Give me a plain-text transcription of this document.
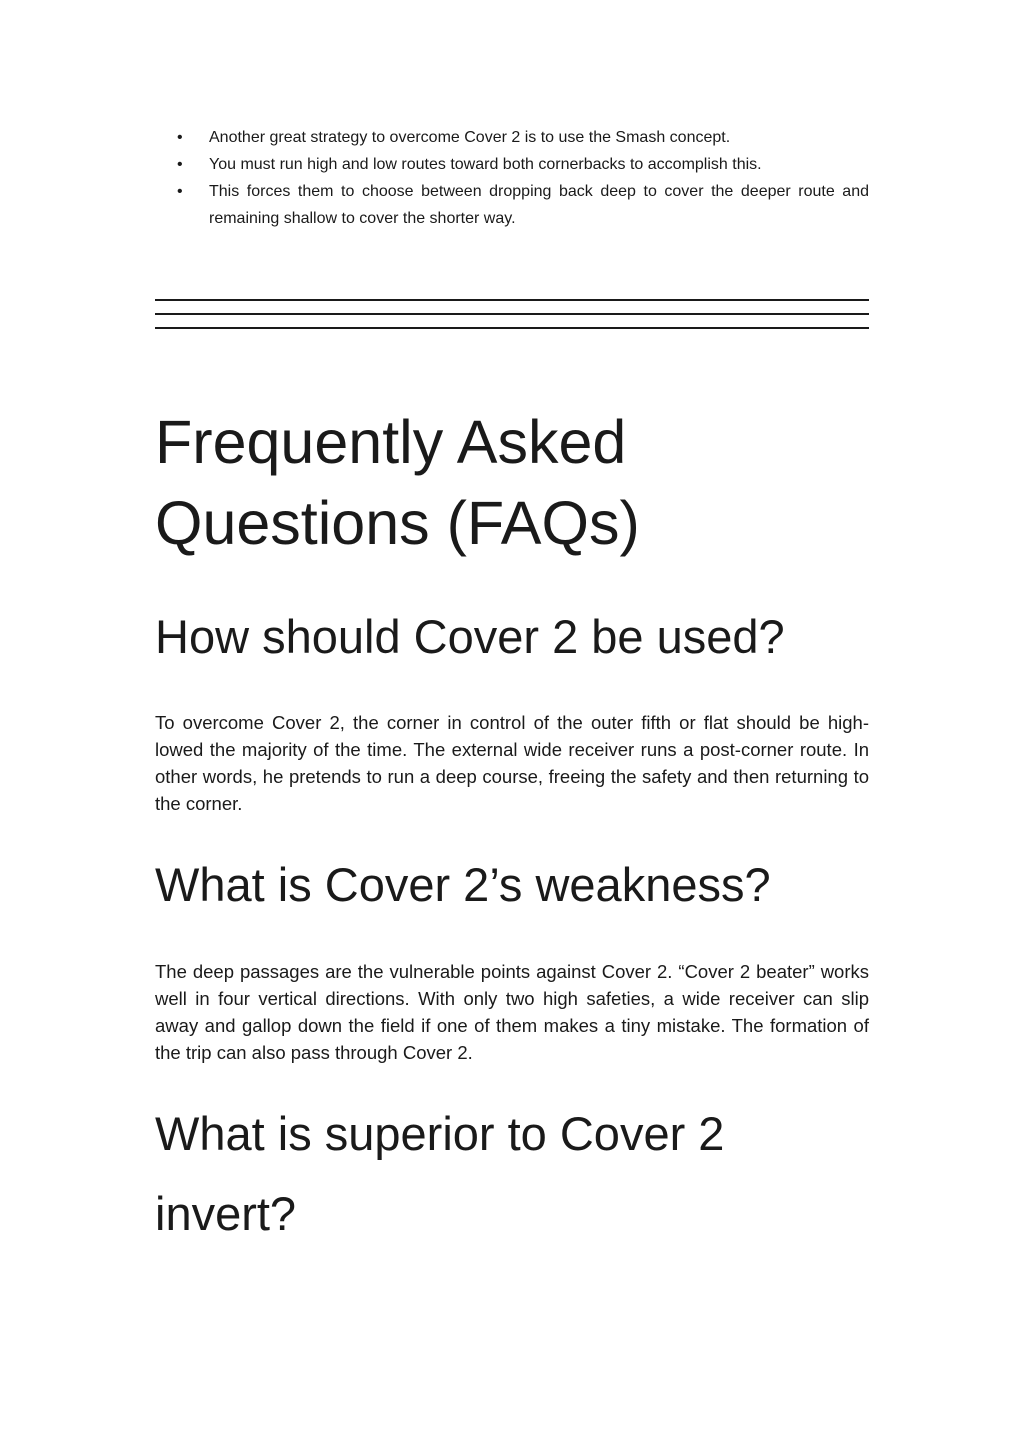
• Another great strategy to overcome Cover 2 is to use the Smash concept.
• You must run high and low routes toward both cornerbacks to accomplish this.
•	This forces them to choose between dropping back deep to cover the deeper route and remaining shallow to cover the shorter way.
Frequently Asked Questions (FAQs)
How should Cover 2 be used?

To overcome Cover 2, the corner in control of the outer fifth or flat should be high-lowed the majority of the time. The external wide receiver runs a post-corner route. In other words, he pretends to run a deep course, freeing the safety and then returning to the corner.

What is Cover 2’s weakness?

The deep passages are the vulnerable points against Cover 2. “Cover 2 beater” works well in four vertical directions. With only two high safeties, a wide receiver can slip away and gallop down the field if one of them makes a tiny mistake. The formation of the trip can also pass through Cover 2.

What is superior to Cover 2 invert?
